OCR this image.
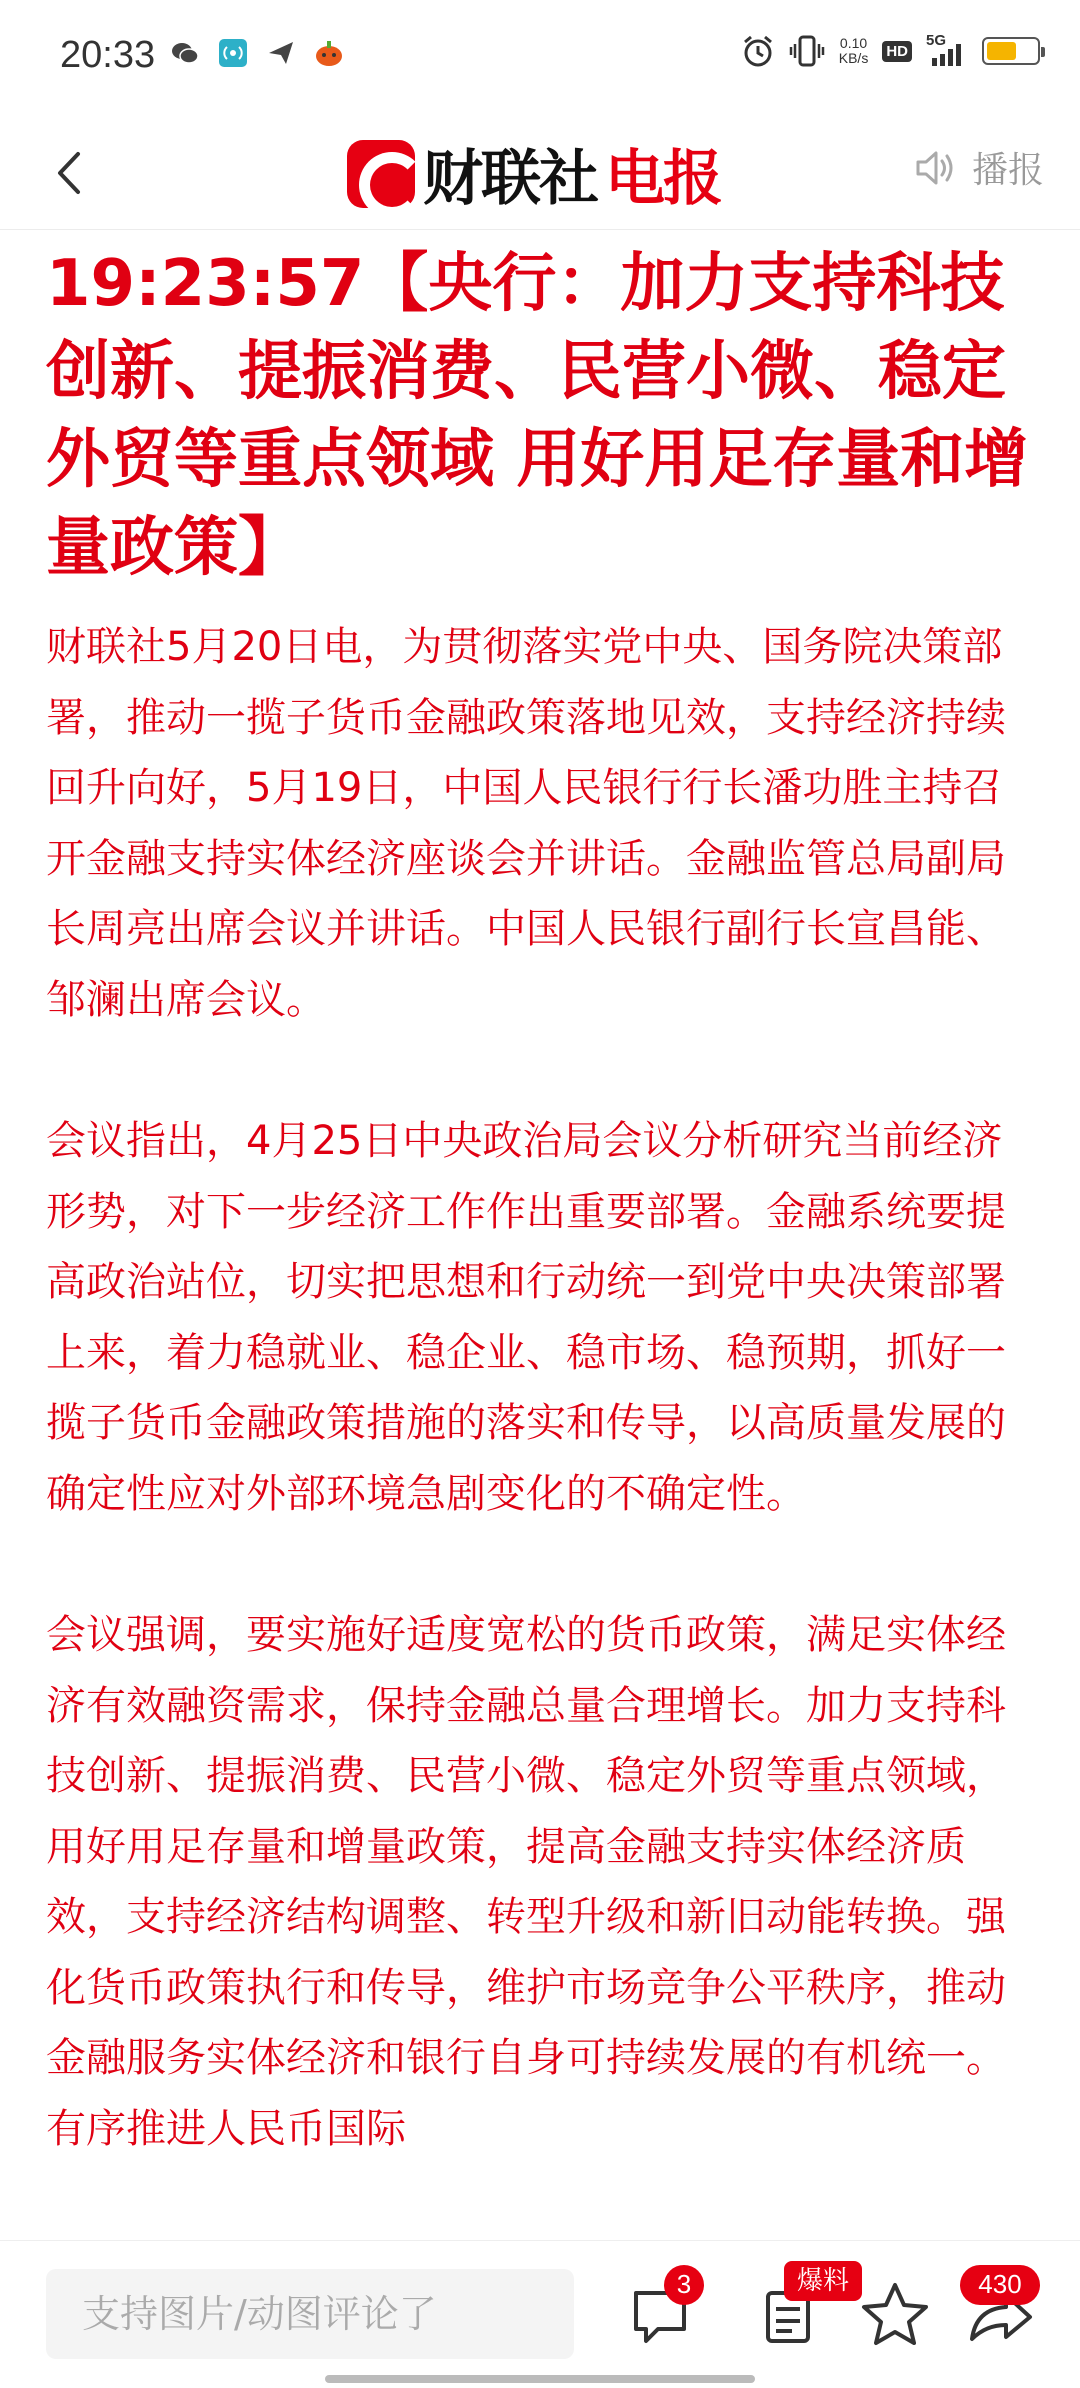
20:33	0.10
KB/s HD
5G
财联社 电报	播报
19:23:57【央行：加力支持科技创新、提振消费、民营小微、稳定外贸等重点领域 用好用足存量和增量政策】
财联社5月20日电，为贯彻落实党中央、国务院决策部署，推动一揽子货币金融政策落地见效，支持经济持续回升向好，5月19日，中国人民银行行长潘功胜主持召开金融支持实体经济座谈会并讲话。金融监管总局副局长周亮出席会议并讲话。中国人民银行副行长宣昌能、邹澜出席会议。
会议指出，4月25日中央政治局会议分析研究当前经济形势，对下一步经济工作作出重要部署。金融系统要提高政治站位，切实把思想和行动统一到党中央决策部署上来，着力稳就业、稳企业、稳市场、稳预期，抓好一揽子货币金融政策措施的落实和传导，以高质量发展的确定性应对外部环境急剧变化的不确定性。
会议强调，要实施好适度宽松的货币政策，满足实体经济有效融资需求，保持金融总量合理增长。加力支持科技创新、提振消费、民营小微、稳定外贸等重点领域，用好用足存量和增量政策，提高金融支持实体经济质效，支持经济结构调整、转型升级和新旧动能转换。强化货币政策执行和传导，维护市场竞争公平秩序，推动金融服务实体经济和银行自身可持续发展的有机统一。有序推进人民币国际
支持图片/动图评论了
3	爆料	430
